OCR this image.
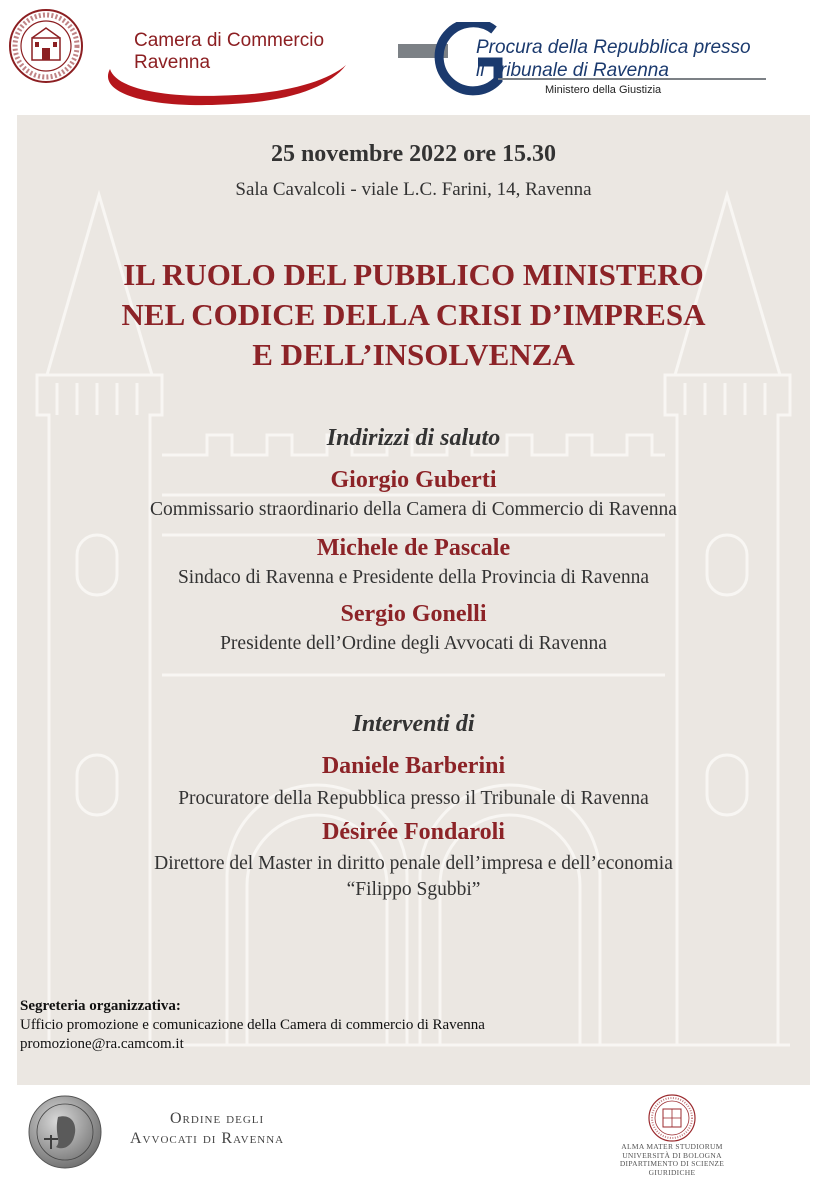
Camera di Commercio
Ravenna
Procura della Repubblica presso
il Tribunale di Ravenna
Ministero della Giustizia
25 novembre 2022 ore 15.30
Sala Cavalcoli - viale L.C. Farini, 14, Ravenna
IL RUOLO DEL PUBBLICO MINISTERO
NEL CODICE DELLA CRISI D’IMPRESA
E DELL’INSOLVENZA
Indirizzi di saluto
Giorgio Guberti
Commissario straordinario della Camera di Commercio di Ravenna
Michele de Pascale
Sindaco di Ravenna e Presidente della Provincia di Ravenna
Sergio Gonelli
Presidente dell’Ordine degli Avvocati di Ravenna
Interventi di
Daniele Barberini
Procuratore della Repubblica presso il Tribunale di Ravenna
Désirée Fondaroli
Direttore del Master in diritto penale dell’impresa e dell’economia
“Filippo Sgubbi”
Segreteria organizzativa:
Ufficio promozione e comunicazione della Camera di commercio di Ravenna
promozione@ra.camcom.it
Ordine degli
Avvocati di Ravenna	ALMA MATER STUDIORUM
UNIVERSITÀ DI BOLOGNA
DIPARTIMENTO DI SCIENZE GIURIDICHE
